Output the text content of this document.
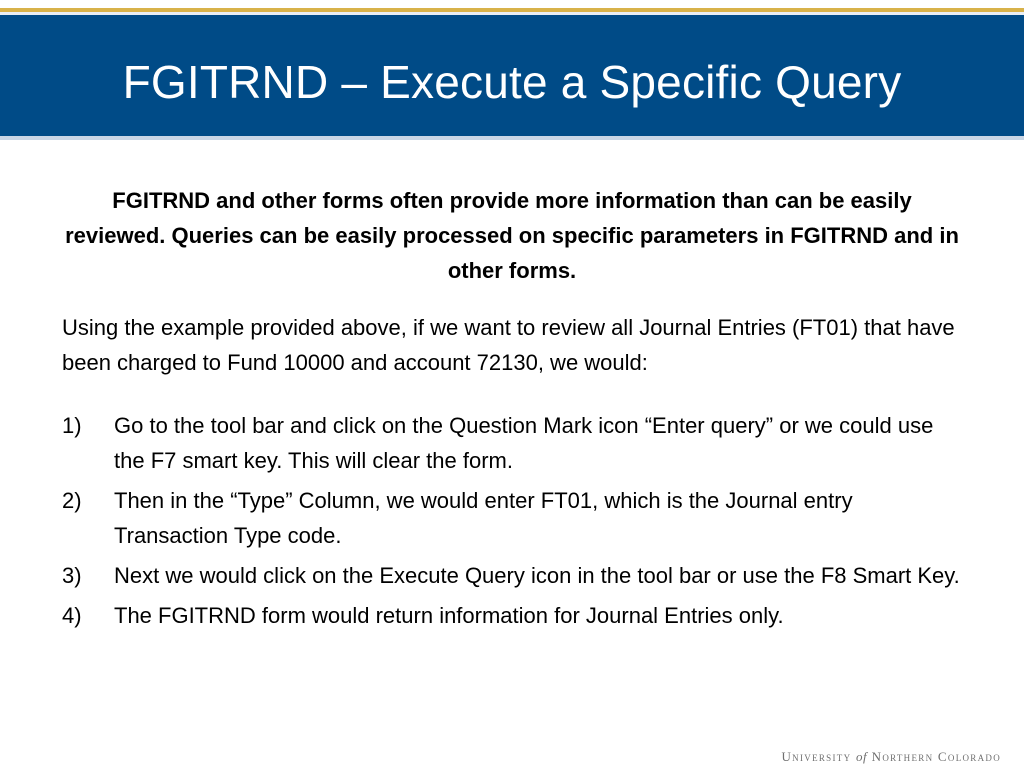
FGITRND – Execute a Specific Query
FGITRND and other forms often provide more information than can be easily reviewed. Queries can be easily processed on specific parameters in FGITRND and in other forms.
Using the example provided above, if we want to review all Journal Entries (FT01) that have been charged to Fund 10000 and account 72130, we would:
1) Go to the tool bar and click on the Question Mark icon “Enter query” or we could use the F7 smart key. This will clear the form.
2) Then in the “Type” Column, we would enter FT01, which is the Journal entry Transaction Type code.
3) Next we would click on the Execute Query icon in the tool bar or use the F8 Smart Key.
4) The FGITRND form would return information for Journal Entries only.
University of Northern Colorado
